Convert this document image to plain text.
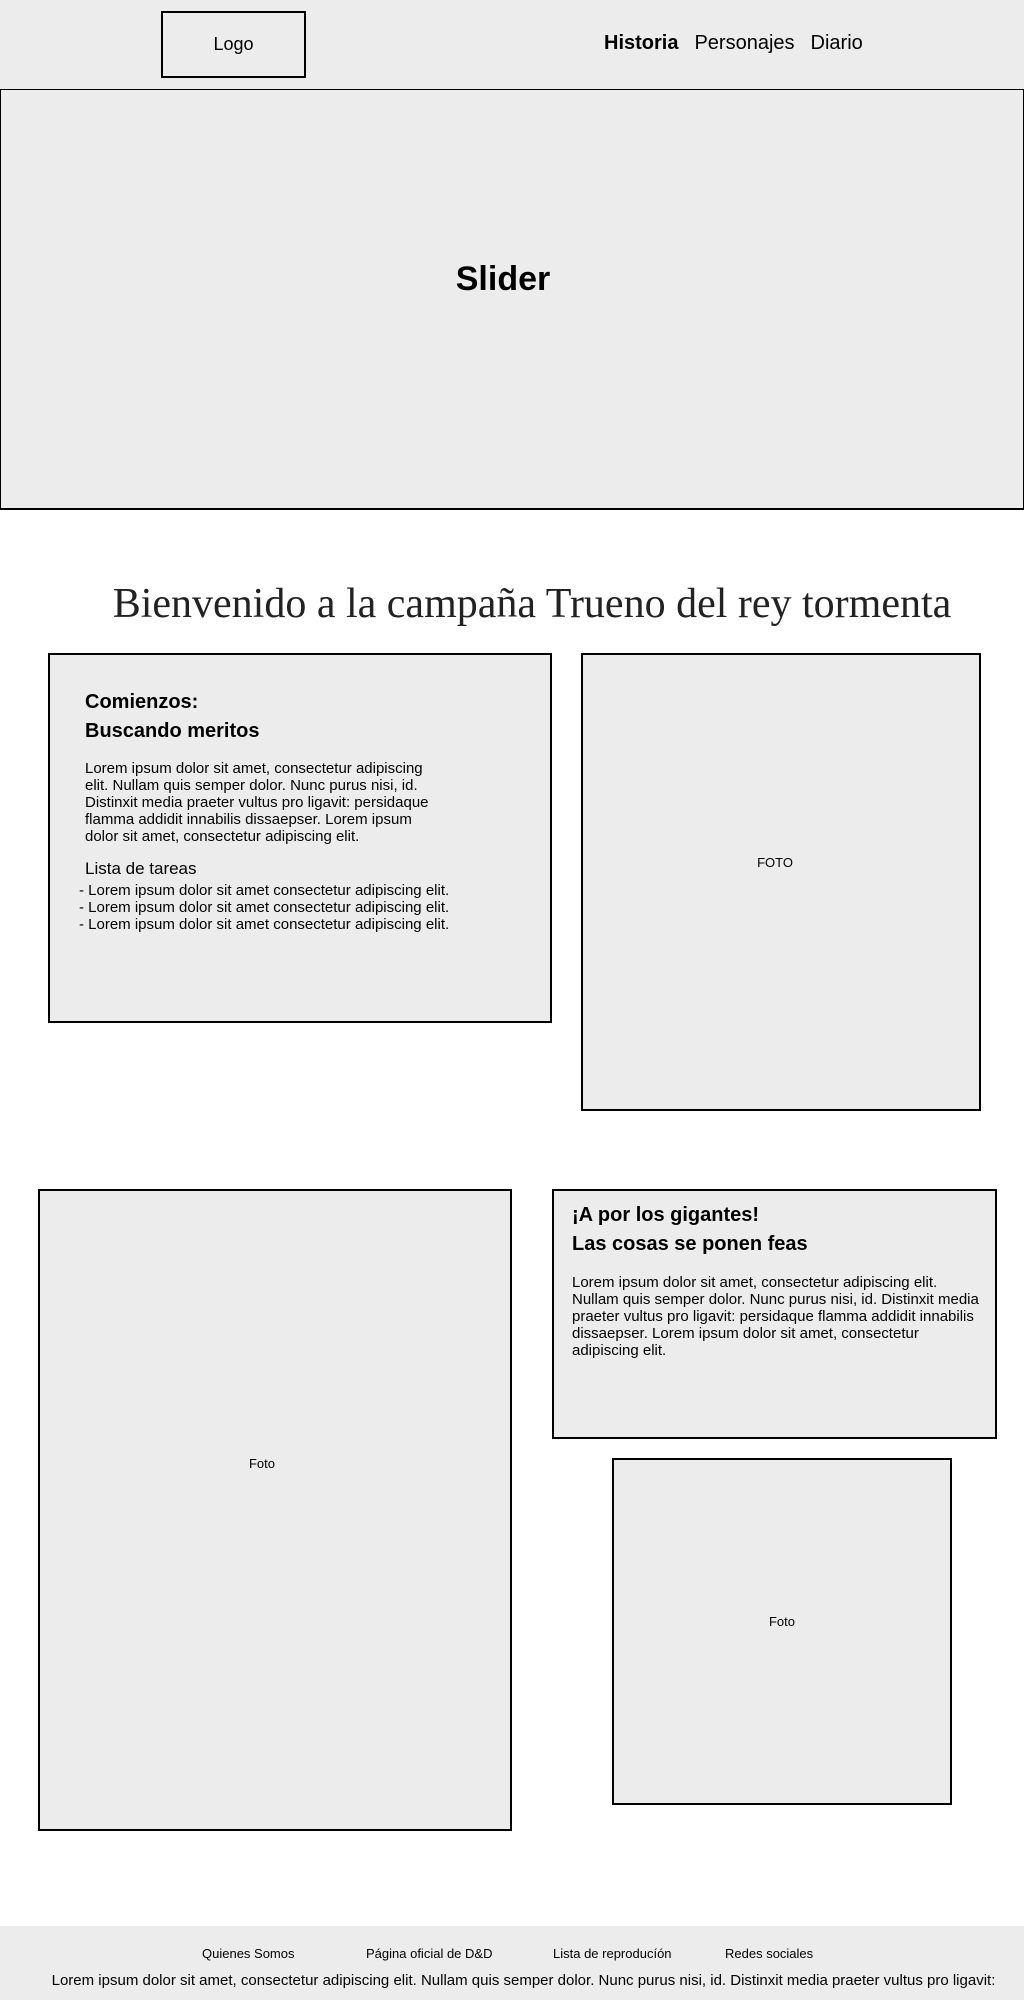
Logo	Historia Personajes Diario
Slider
Bienvenido a la campaña Trueno del rey tormenta
Comienzos:
Buscando meritos
Lorem ipsum dolor sit amet, consectetur adipiscing
elit. Nullam quis semper dolor. Nunc purus nisi, id.
Distinxit media praeter vultus pro ligavit: persidaque
flamma addidit innabilis dissaepser. Lorem ipsum
dolor sit amet, consectetur adipiscing elit.
Lista de tareas
- Lorem ipsum dolor sit amet consectetur adipiscing elit.
- Lorem ipsum dolor sit amet consectetur adipiscing elit.
- Lorem ipsum dolor sit amet consectetur adipiscing elit.
FOTO
Foto
¡A por los gigantes!
Las cosas se ponen feas
Lorem ipsum dolor sit amet, consectetur adipiscing elit.
Nullam quis semper dolor. Nunc purus nisi, id. Distinxit media
praeter vultus pro ligavit: persidaque flamma addidit innabilis
dissaepser. Lorem ipsum dolor sit amet, consectetur
adipiscing elit.
Foto
Quienes Somos	Página oficial de D&D	Lista de reproducíón	Redes sociales
Lorem ipsum dolor sit amet, consectetur adipiscing elit. Nullam quis semper dolor. Nunc purus nisi, id. Distinxit media praeter vultus pro ligavit:
